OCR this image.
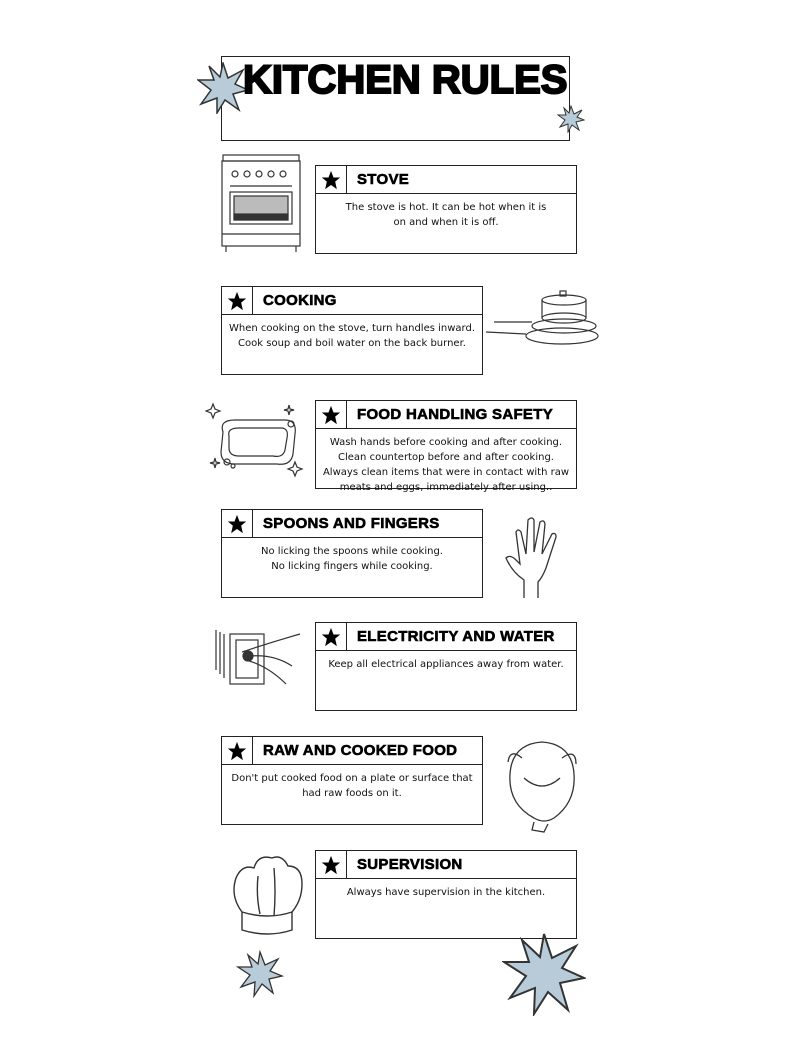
KITCHEN RULES
STOVE
The stove is hot. It can be hot when it is
on and when it is off.
COOKING
When cooking on the stove, turn handles inward.
Cook soup and boil water on the back burner.
FOOD HANDLING SAFETY
Wash hands before cooking and after cooking.
Clean countertop before and after cooking.
Always clean items that were in contact with raw
meats and eggs, immediately after using..
SPOONS AND FINGERS
No licking the spoons while cooking.
No licking fingers while cooking.
ELECTRICITY AND WATER
Keep all electrical appliances away from water.
RAW AND COOKED FOOD
Don't put cooked food on a plate or surface that
had raw foods on it.
SUPERVISION
Always have supervision in the kitchen.
